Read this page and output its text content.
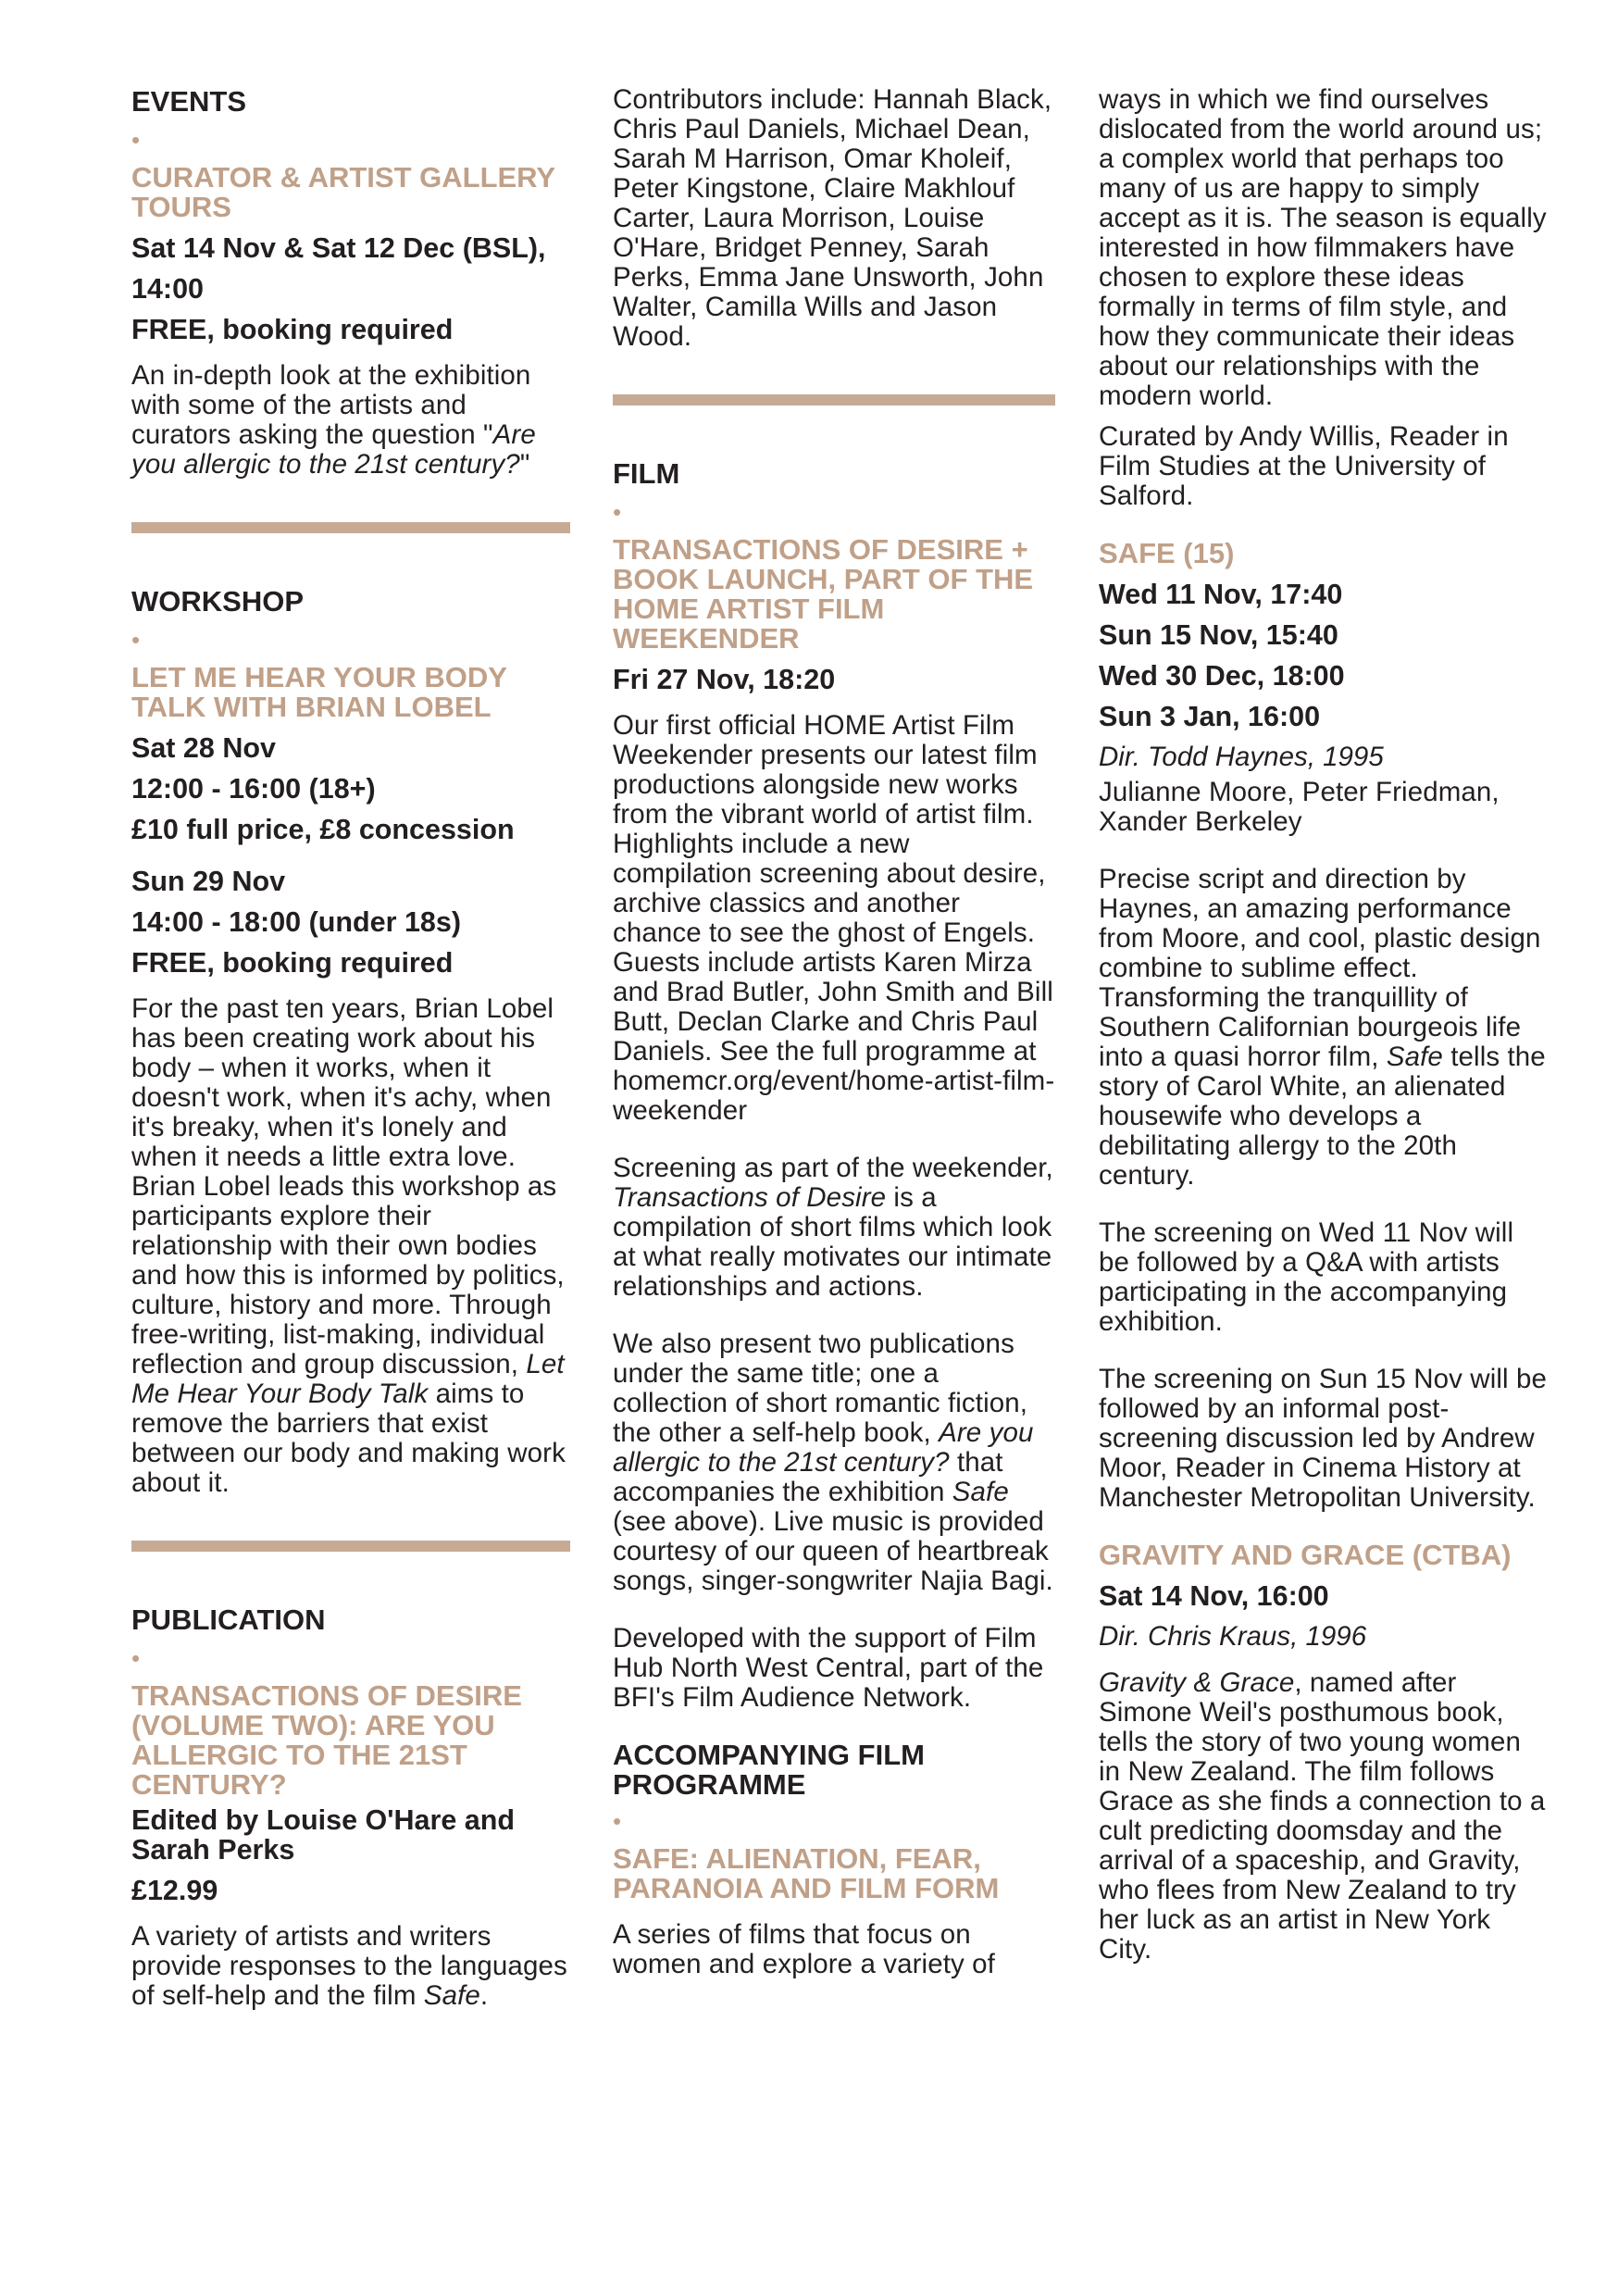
EVENTS
•
CURATOR & ARTIST GALLERY TOURS

Sat 14 Nov & Sat 12 Dec (BSL), 14:00

FREE, booking required

An in-depth look at the exhibition with some of the artists and curators asking the question "Are you allergic to the 21st century?"

WORKSHOP
•
LET ME HEAR YOUR BODY TALK WITH BRIAN LOBEL

Sat 28 Nov

12:00 - 16:00 (18+)

£10 full price, £8 concession

Sun 29 Nov

14:00 - 18:00 (under 18s)

FREE, booking required

For the past ten years, Brian Lobel has been creating work about his body – when it works, when it doesn't work, when it's achy, when it's breaky, when it's lonely and when it needs a little extra love. Brian Lobel leads this workshop as participants explore their relationship with their own bodies and how this is informed by politics, culture, history and more. Through free-writing, list-making, individual reflection and group discussion, Let Me Hear Your Body Talk aims to remove the barriers that exist between our body and making work about it.

PUBLICATION
•
TRANSACTIONS OF DESIRE (VOLUME TWO): ARE YOU ALLERGIC TO THE 21ST CENTURY?

Edited by Louise O'Hare and Sarah Perks

£12.99

A variety of artists and writers provide responses to the languages of self-help and the film Safe.

Contributors include: Hannah Black, Chris Paul Daniels, Michael Dean, Sarah M Harrison, Omar Kholeif, Peter Kingstone, Claire Makhlouf Carter, Laura Morrison, Louise O'Hare, Bridget Penney, Sarah Perks, Emma Jane Unsworth, John Walter, Camilla Wills and Jason Wood.

FILM
•
TRANSACTIONS OF DESIRE + BOOK LAUNCH, PART OF THE HOME ARTIST FILM WEEKENDER

Fri 27 Nov, 18:20

Our first official HOME Artist Film Weekender presents our latest film productions alongside new works from the vibrant world of artist film. Highlights include a new compilation screening about desire, archive classics and another chance to see the ghost of Engels. Guests include artists Karen Mirza and Brad Butler, John Smith and Bill Butt, Declan Clarke and Chris Paul Daniels. See the full programme at homemcr.org/event/home-artist-film-weekender

Screening as part of the weekender, Transactions of Desire is a compilation of short films which look at what really motivates our intimate relationships and actions.

We also present two publications under the same title; one a collection of short romantic fiction, the other a self-help book, Are you allergic to the 21st century? that accompanies the exhibition Safe (see above). Live music is provided courtesy of our queen of heartbreak songs, singer-songwriter Najia Bagi.

Developed with the support of Film Hub North West Central, part of the BFI's Film Audience Network.

ACCOMPANYING FILM PROGRAMME
•
SAFE: ALIENATION, FEAR, PARANOIA AND FILM FORM

A series of films that focus on women and explore a variety of

ways in which we find ourselves dislocated from the world around us; a complex world that perhaps too many of us are happy to simply accept as it is. The season is equally interested in how filmmakers have chosen to explore these ideas formally in terms of film style, and how they communicate their ideas about our relationships with the modern world.

Curated by Andy Willis, Reader in Film Studies at the University of Salford.

SAFE (15)

Wed 11 Nov, 17:40

Sun 15 Nov, 15:40

Wed 30 Dec, 18:00

Sun 3 Jan, 16:00

Dir. Todd Haynes, 1995

Julianne Moore, Peter Friedman, Xander Berkeley

Precise script and direction by Haynes, an amazing performance from Moore, and cool, plastic design combine to sublime effect. Transforming the tranquillity of Southern Californian bourgeois life into a quasi horror film, Safe tells the story of Carol White, an alienated housewife who develops a debilitating allergy to the 20th century.

The screening on Wed 11 Nov will be followed by a Q&A with artists participating in the accompanying exhibition.

The screening on Sun 15 Nov will be followed by an informal post-screening discussion led by Andrew Moor, Reader in Cinema History at Manchester Metropolitan University.

GRAVITY AND GRACE (CTBA)

Sat 14 Nov, 16:00

Dir. Chris Kraus, 1996

Gravity & Grace, named after Simone Weil's posthumous book, tells the story of two young women in New Zealand. The film follows Grace as she finds a connection to a cult predicting doomsday and the arrival of a spaceship, and Gravity, who flees from New Zealand to try her luck as an artist in New York City.
